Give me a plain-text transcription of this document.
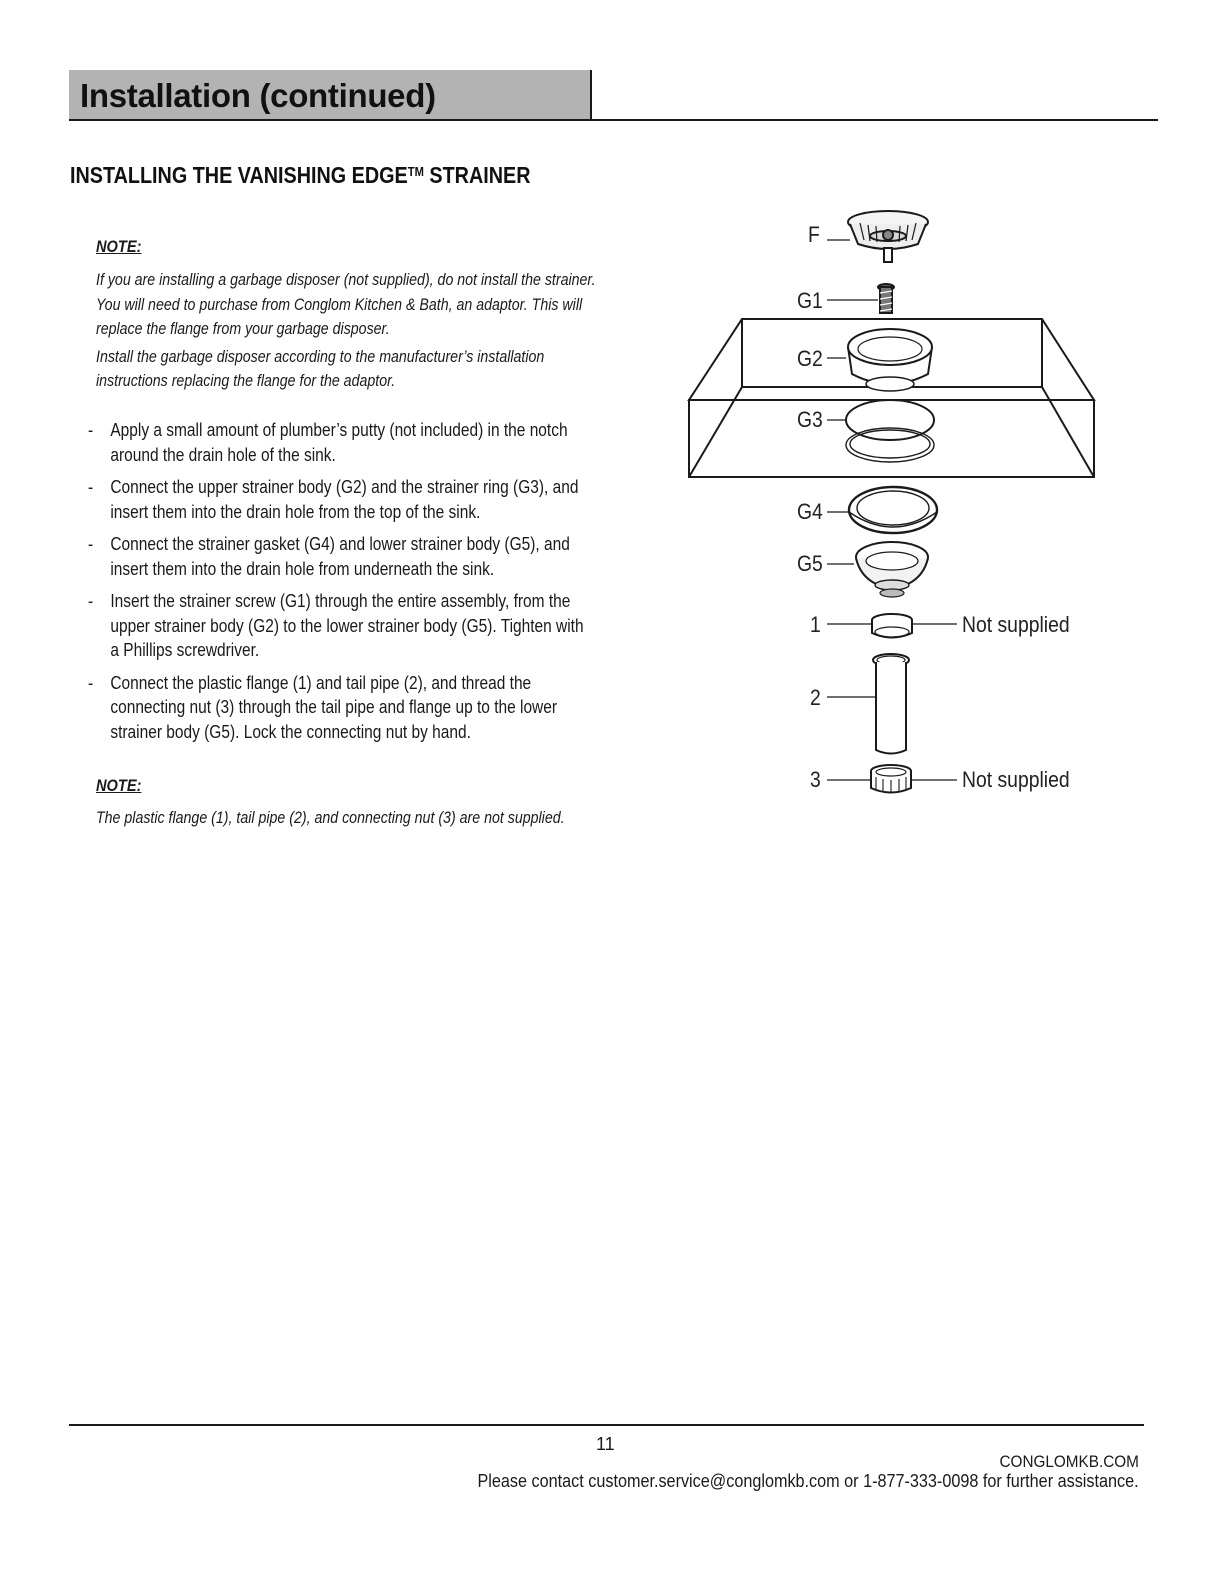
Installation (continued)
INSTALLING THE VANISHING EDGE™ STRAINER
NOTE:
If you are installing a garbage disposer (not supplied), do not install the strainer.
You will need to purchase from Conglom Kitchen & Bath, an adaptor. This will
replace the flange from your garbage disposer.
Install the garbage disposer according to the manufacturer’s installation
instructions replacing the flange for the adaptor.
- Apply a small amount of plumber’s putty (not included) in the notch
around the drain hole of the sink.
- Connect the upper strainer body (G2) and the strainer ring (G3), and
insert them into the drain hole from the top of the sink.
- Connect the strainer gasket (G4) and lower strainer body (G5), and
insert them into the drain hole from underneath the sink.
- Insert the strainer screw (G1) through the entire assembly, from the
upper strainer body (G2) to the lower strainer body (G5). Tighten with
a Phillips screwdriver.
- Connect the plastic flange (1) and tail pipe (2), and thread the
connecting nut (3) through the tail pipe and flange up to the lower
strainer body (G5). Lock the connecting nut by hand.
NOTE:
The plastic flange (1), tail pipe (2), and connecting nut (3) are not supplied.
F
G1
G2
G3
G4
G5
1
2
3
Not supplied
Not supplied
11
CONGLOMKB.COM
Please contact customer.service@conglomkb.com or 1-877-333-0098 for further assistance.
